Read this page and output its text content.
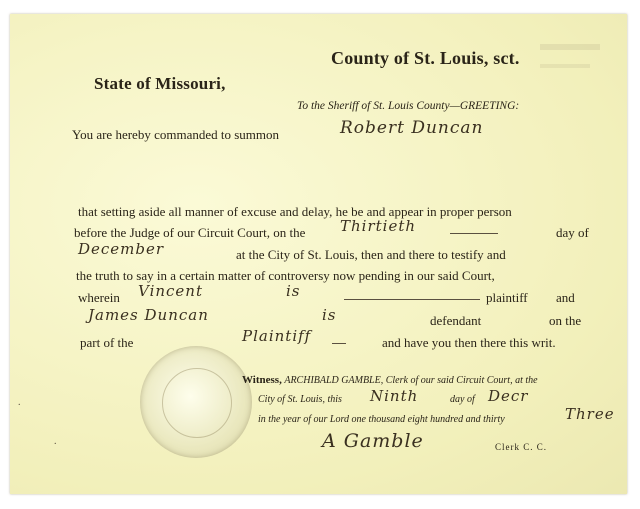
County of St. Louis, sct.
State of Missouri,
To the Sheriff of St. Louis County—GREETING:
You are hereby commanded to summon	Robert Duncan
that setting aside all manner of excuse and delay, he be and appear in proper person
before the Judge of our Circuit Court, on the Thirtieth	day of
December	at the City of St. Louis, then and there to testify and
the truth to say in a certain matter of controversy now pending in our said Court,
wherein Vincent	is	plaintiff and
James Duncan	is	defendant	on the
part of the	Plaintiff	and have you then there this writ.
Witness, ARCHIBALD GAMBLE, Clerk of our said Circuit Court, at the
City of St. Louis, this Ninth	day of Decr
in the year of our Lord one thousand eight hundred and thirty	Three
A Gamble	Clerk C. C.
.
.
